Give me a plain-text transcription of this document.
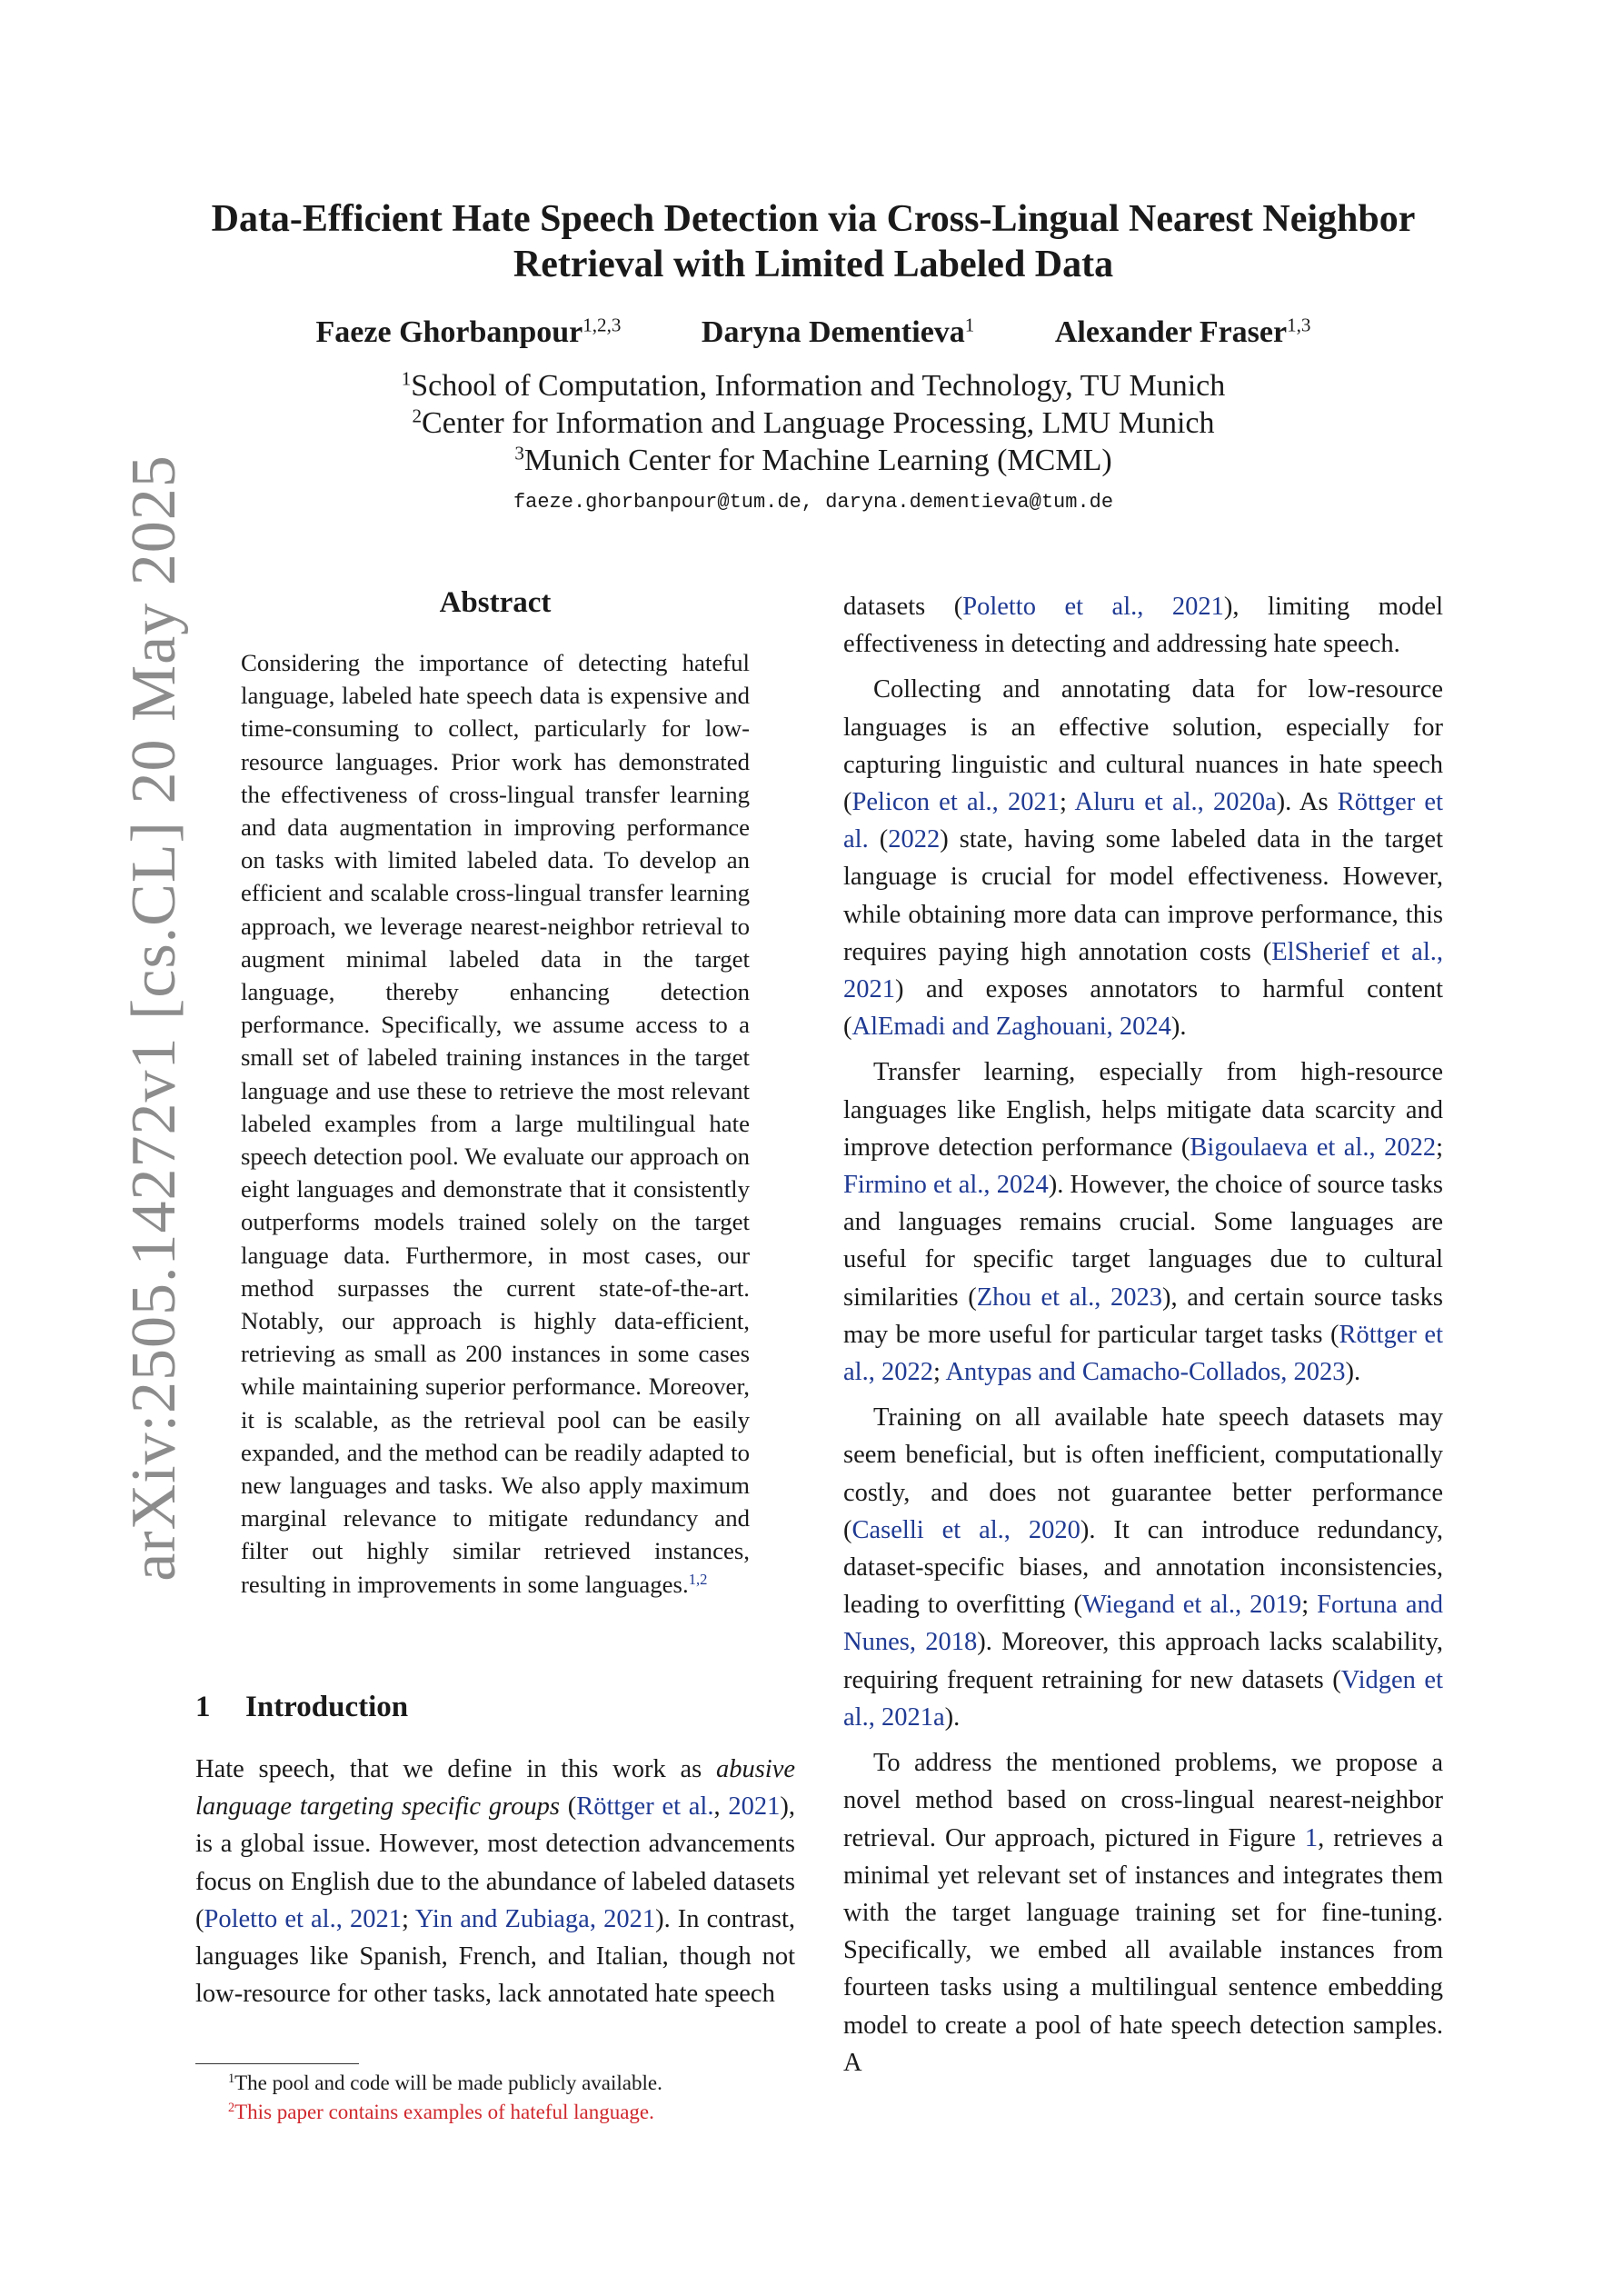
arXiv:2505.14272v1 [cs.CL] 20 May 2025
Data-Efficient Hate Speech Detection via Cross-Lingual Nearest Neighbor
Retrieval with Limited Labeled Data
Faeze Ghorbanpour$^{1,2,3}$	Daryna Dementieva$^1$	Alexander Fraser$^{1,3}$
$^1$School of Computation, Information and Technology, TU Munich
$^2$Center for Information and Language Processing, LMU Munich
$^3$Munich Center for Machine Learning (MCML)
faeze.ghorbanpour@tum.de, daryna.dementieva@tum.de
Abstract
Considering the importance of detecting hateful language, labeled hate speech data is expensive and time-consuming to collect, particularly for low-resource languages. Prior work has demonstrated the effectiveness of cross-lingual transfer learning and data augmentation in improving performance on tasks with limited labeled data. To develop an efficient and scalable cross-lingual transfer learning approach, we leverage nearest-neighbor retrieval to augment minimal labeled data in the target language, thereby enhancing detection performance. Specifically, we assume access to a small set of labeled training instances in the target language and use these to retrieve the most relevant labeled examples from a large multilingual hate speech detection pool. We evaluate our approach on eight languages and demonstrate that it consistently outperforms models trained solely on the target language data. Furthermore, in most cases, our method surpasses the current state-of-the-art. Notably, our approach is highly data-efficient, retrieving as small as 200 instances in some cases while maintaining superior performance. Moreover, it is scalable, as the retrieval pool can be easily expanded, and the method can be readily adapted to new languages and tasks. We also apply maximum marginal relevance to mitigate redundancy and filter out highly similar retrieved instances, resulting in improvements in some languages.$^{1,2}$
1 Introduction
Hate speech, that we define in this work as abusive language targeting specific groups (Röttger et al., 2021), is a global issue. However, most detection advancements focus on English due to the abundance of labeled datasets (Poletto et al., 2021; Yin and Zubiaga, 2021). In contrast, languages like Spanish, French, and Italian, though not low-resource for other tasks, lack annotated hate speech

$^1$The pool and code will be made publicly available.

$^2$This paper contains examples of hateful language.

datasets (Poletto et al., 2021), limiting model effectiveness in detecting and addressing hate speech.

Collecting and annotating data for low-resource languages is an effective solution, especially for capturing linguistic and cultural nuances in hate speech (Pelicon et al., 2021; Aluru et al., 2020a). As Röttger et al. (2022) state, having some labeled data in the target language is crucial for model effectiveness. However, while obtaining more data can improve performance, this requires paying high annotation costs (ElSherief et al., 2021) and exposes annotators to harmful content (AlEmadi and Zaghouani, 2024).

Transfer learning, especially from high-resource languages like English, helps mitigate data scarcity and improve detection performance (Bigoulaeva et al., 2022; Firmino et al., 2024). However, the choice of source tasks and languages remains crucial. Some languages are useful for specific target languages due to cultural similarities (Zhou et al., 2023), and certain source tasks may be more useful for particular target tasks (Röttger et al., 2022; Antypas and Camacho-Collados, 2023).

Training on all available hate speech datasets may seem beneficial, but is often inefficient, computationally costly, and does not guarantee better performance (Caselli et al., 2020). It can introduce redundancy, dataset-specific biases, and annotation inconsistencies, leading to overfitting (Wiegand et al., 2019; Fortuna and Nunes, 2018). Moreover, this approach lacks scalability, requiring frequent retraining for new datasets (Vidgen et al., 2021a).

To address the mentioned problems, we propose a novel method based on cross-lingual nearest-neighbor retrieval. Our approach, pictured in Figure 1, retrieves a minimal yet relevant set of instances and integrates them with the target language training set for fine-tuning. Specifically, we embed all available instances from fourteen tasks using a multilingual sentence embedding model to create a pool of hate speech detection samples. A
